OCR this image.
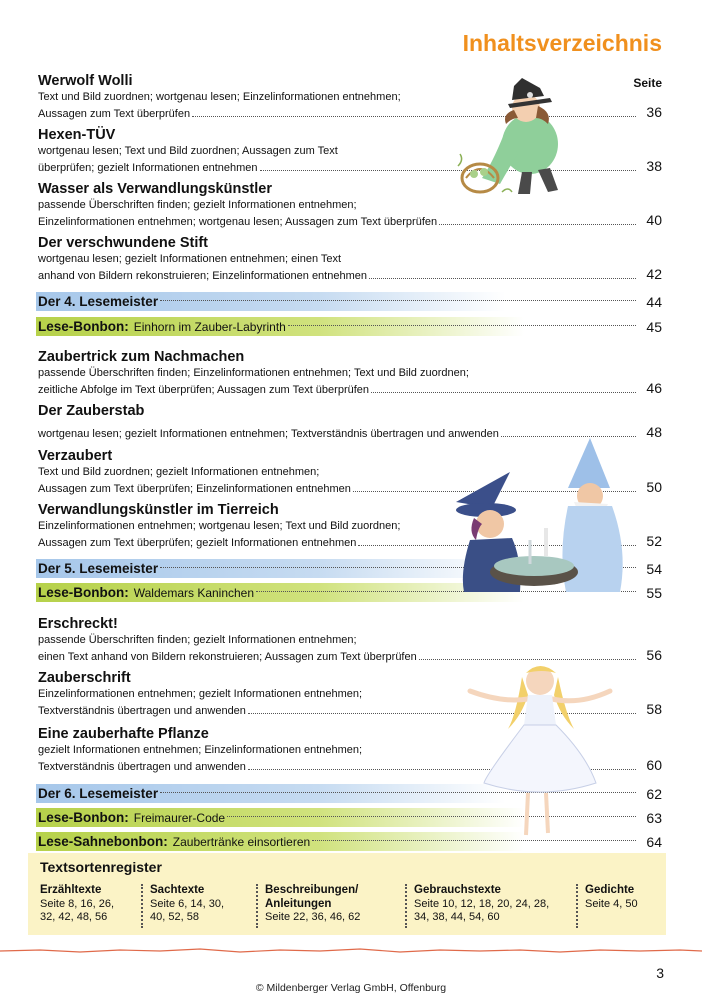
Inhaltsverzeichnis
Seite
Werwolf Wolli
Text und Bild zuordnen; wortgenau lesen; Einzelinformationen entnehmen;
Aussagen zum Text überprüfen	36
Hexen-TÜV
wortgenau lesen; Text und Bild zuordnen; Aussagen zum Text
überprüfen; gezielt Informationen entnehmen	38
Wasser als Verwandlungskünstler
passende Überschriften finden; gezielt Informationen entnehmen;
Einzelinformationen entnehmen; wortgenau lesen; Aussagen zum Text überprüfen	40
Der verschwundene Stift
wortgenau lesen; gezielt Informationen entnehmen; einen Text
anhand von Bildern rekonstruieren; Einzelinformationen entnehmen	42
Der 4. Lesemeister	44
Lese-Bonbon: Einhorn im Zauber-Labyrinth	45
Zaubertrick zum Nachmachen
passende Überschriften finden; Einzelinformationen entnehmen; Text und Bild zuordnen;
zeitliche Abfolge im Text überprüfen; Aussagen zum Text überprüfen	46
Der Zauberstab
wortgenau lesen; gezielt Informationen entnehmen; Textverständnis übertragen und anwenden	48
Verzaubert
Text und Bild zuordnen; gezielt Informationen entnehmen;
Aussagen zum Text überprüfen; Einzelinformationen entnehmen	50
Verwandlungskünstler im Tierreich
Einzelinformationen entnehmen; wortgenau lesen; Text und Bild zuordnen;
Aussagen zum Text überprüfen; gezielt Informationen entnehmen	52
Der 5. Lesemeister	54
Lese-Bonbon: Waldemars Kaninchen	55
Erschreckt!
passende Überschriften finden; gezielt Informationen entnehmen;
einen Text anhand von Bildern rekonstruieren; Aussagen zum Text überprüfen	56
Zauberschrift
Einzelinformationen entnehmen; gezielt Informationen entnehmen;
Textverständnis übertragen und anwenden	58
Eine zauberhafte Pflanze
gezielt Informationen entnehmen; Einzelinformationen entnehmen;
Textverständnis übertragen und anwenden	60
Der 6. Lesemeister	62
Lese-Bonbon: Freimaurer-Code	63
Lese-Sahnebonbon: Zaubertränke einsortieren	64
Textsortenregister
Erzähltexte
Seite 8, 16, 26,
32, 42, 48, 56
Sachtexte
Seite 6, 14, 30,
40, 52, 58
Beschreibungen/
Anleitungen
Seite 22, 36, 46, 62
Gebrauchstexte
Seite 10, 12, 18, 20, 24, 28,
34, 38, 44, 54, 60
Gedichte
Seite 4, 50
3
© Mildenberger Verlag GmbH, Offenburg
